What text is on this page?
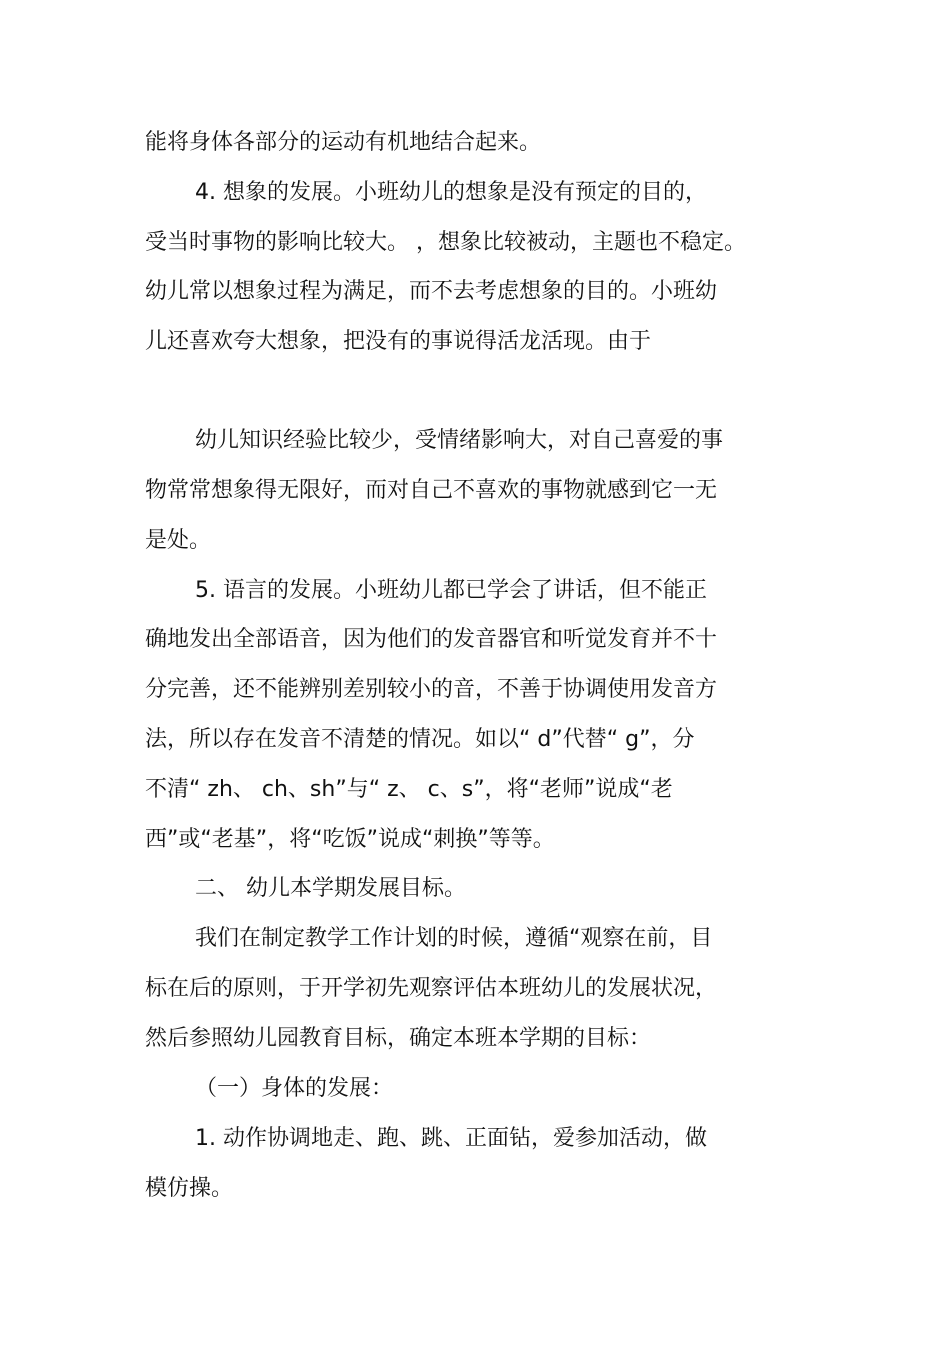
能将身体各部分的运动有机地结合起来。
4. 想象的发展。小班幼儿的想象是没有预定的目的，
受当时事物的影响比较大。 ，想象比较被动，主题也不稳定。
幼儿常以想象过程为满足，而不去考虑想象的目的。小班幼
儿还喜欢夸大想象，把没有的事说得活龙活现。由于
幼儿知识经验比较少，受情绪影响大，对自己喜爱的事
物常常想象得无限好，而对自己不喜欢的事物就感到它一无
是处。
5. 语言的发展。小班幼儿都已学会了讲话，但不能正
确地发出全部语音，因为他们的发音器官和听觉发育并不十
分完善，还不能辨别差别较小的音，不善于协调使用发音方
法，所以存在发音不清楚的情况。如以“ d”代替“ g”，分
不清“ zh、 ch、sh”与“ z、 c、s”，将“老师”说成“老
西”或“老基”，将“吃饭”说成“刺换”等等。
二、 幼儿本学期发展目标。
我们在制定教学工作计划的时候，遵循“观察在前，目
标在后的原则，于开学初先观察评估本班幼儿的发展状况，
然后参照幼儿园教育目标，确定本班本学期的目标：
（一）身体的发展：
1. 动作协调地走、跑、跳、正面钻，爱参加活动，做
模仿操。
